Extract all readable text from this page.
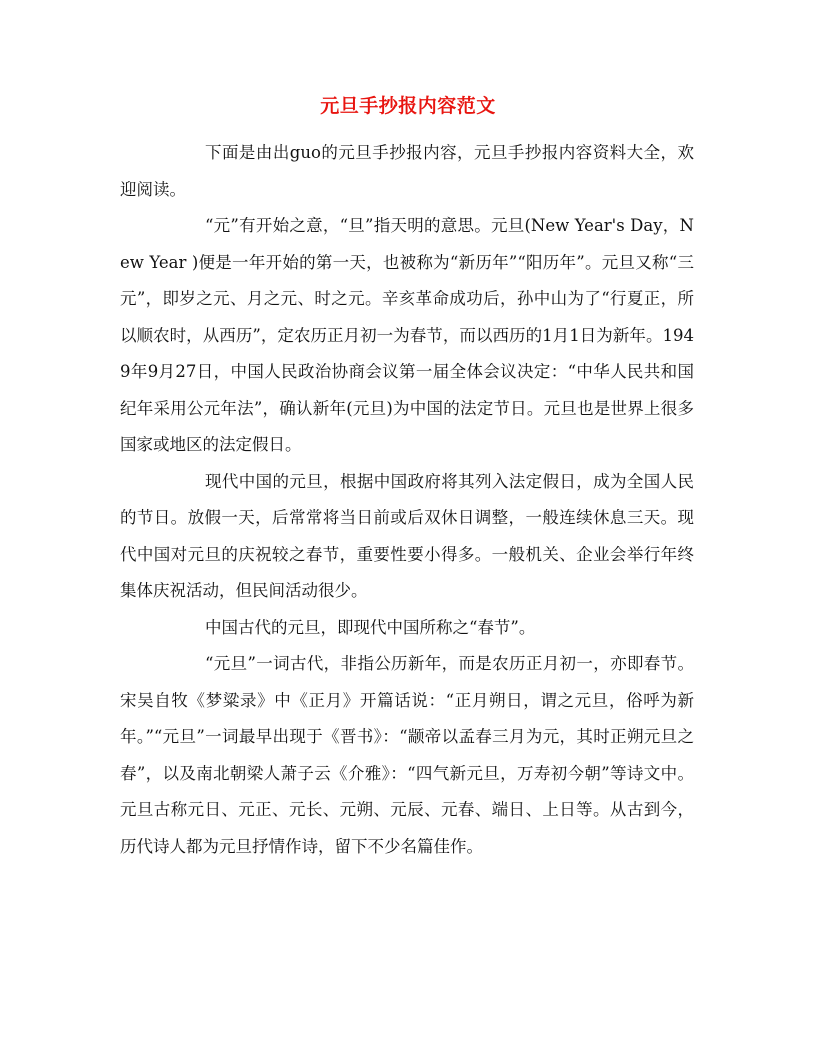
元旦手抄报内容范文

下面是由出guo的元旦手抄报内容，元旦手抄报内容资料大全，欢迎阅读。

“元”有开始之意，“旦”指天明的意思。元旦(New Year's Day，New Year )便是一年开始的第一天，也被称为“新历年”“阳历年”。元旦又称“三元”，即岁之元、月之元、时之元。辛亥革命成功后，孙中山为了“行夏正，所以顺农时，从西历”，定农历正月初一为春节，而以西历的1月1日为新年。1949年9月27日，中国人民政治协商会议第一届全体会议决定：“中华人民共和国纪年采用公元年法”，确认新年(元旦)为中国的法定节日。元旦也是世界上很多国家或地区的法定假日。

现代中国的元旦，根据中国政府将其列入法定假日，成为全国人民的节日。放假一天，后常常将当日前或后双休日调整，一般连续休息三天。现代中国对元旦的庆祝较之春节，重要性要小得多。一般机关、企业会举行年终集体庆祝活动，但民间活动很少。

中国古代的元旦，即现代中国所称之“春节”。

“元旦”一词古代，非指公历新年，而是农历正月初一，亦即春节。宋吴自牧《梦粱录》中《正月》开篇话说：“正月朔日，谓之元旦，俗呼为新年。”“元旦”一词最早出现于《晋书》：“颛帝以孟春三月为元，其时正朔元旦之春”，以及南北朝梁人萧子云《介雅》：“四气新元旦，万寿初今朝”等诗文中。元旦古称元日、元正、元长、元朔、元辰、元春、端日、上日等。从古到今，历代诗人都为元旦抒情作诗，留下不少名篇佳作。
